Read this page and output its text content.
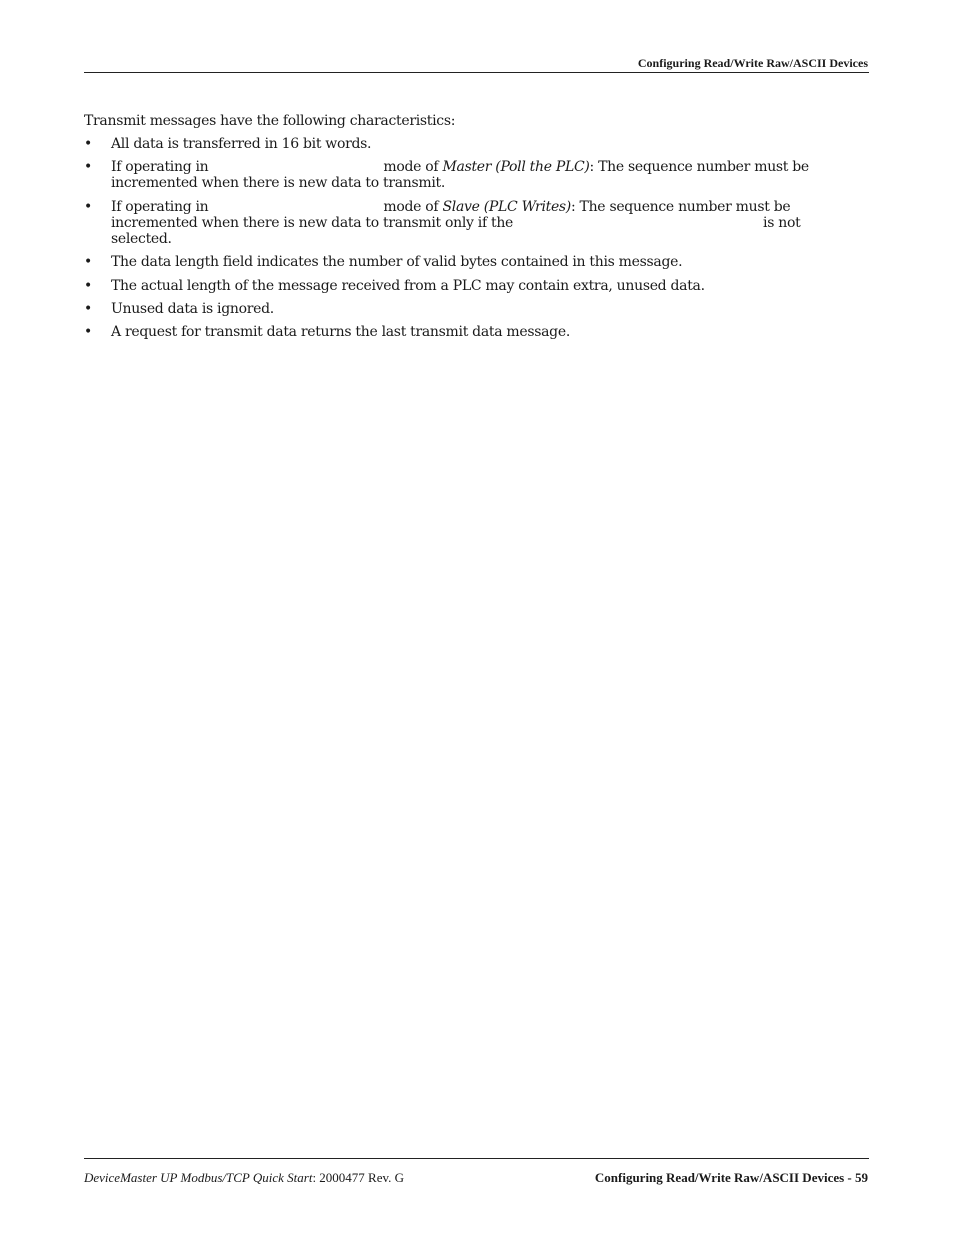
Configuring Read/Write Raw/ASCII Devices

Transmit messages have the following characteristics:

• All data is transferred in 16 bit words.
• If operating in	mode of Master (Poll the PLC): The sequence number must be incremented when there is new data to transmit.
• If operating in	mode of Slave (PLC Writes): The sequence number must be incremented when there is new data to transmit only if the	is not selected.
• The data length field indicates the number of valid bytes contained in this message.
• The actual length of the message received from a PLC may contain extra, unused data.
• Unused data is ignored.
• A request for transmit data returns the last transmit data message.
DeviceMaster UP Modbus/TCP Quick Start: 2000477 Rev. G	Configuring Read/Write Raw/ASCII Devices - 59
